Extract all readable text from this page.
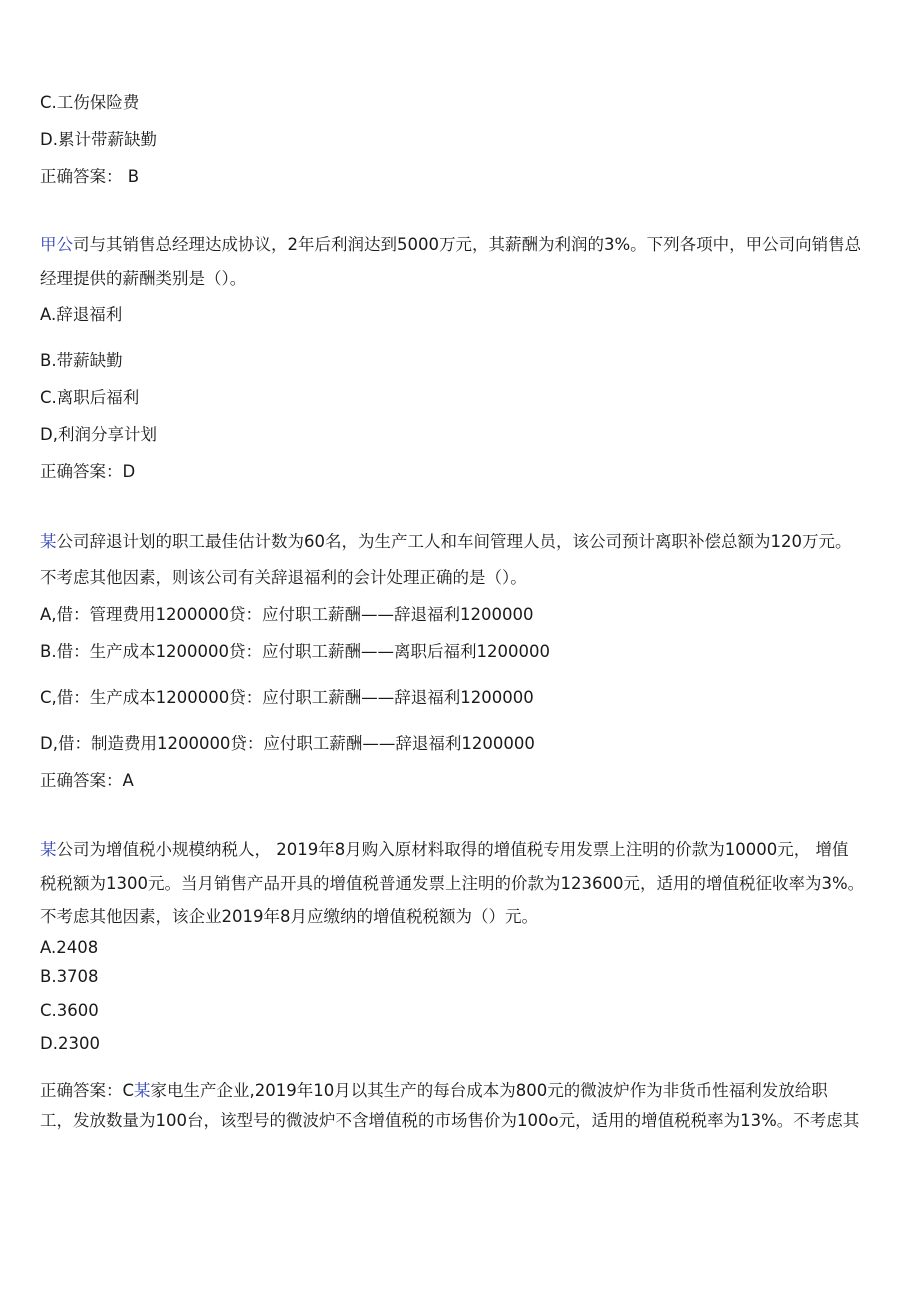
C.工伤保险费
D.累计带薪缺勤
正确答案： B
甲公司与其销售总经理达成协议，2年后利润达到5000万元，其薪酬为利润的3%。下列各项中，甲公司向销售总
经理提供的薪酬类别是（）。
A.辞退福利
B.带薪缺勤
C.离职后福利
D,利润分享计划
正确答案：D
某公司辞退计划的职工最佳估计数为60名，为生产工人和车间管理人员，该公司预计离职补偿总额为120万元。
不考虑其他因素，则该公司有关辞退福利的会计处理正确的是（）。
A,借：管理费用1200000贷：应付职工薪酬——辞退福利1200000
B.借：生产成本1200000贷：应付职工薪酬——离职后福利1200000
C,借：生产成本1200000贷：应付职工薪酬——辞退福利1200000
D,借：制造费用1200000贷：应付职工薪酬——辞退福利1200000
正确答案：A
某公司为增值税小规模纳税人， 2019年8月购入原材料取得的增值税专用发票上注明的价款为10000元， 增值
税税额为1300元。当月销售产品开具的增值税普通发票上注明的价款为123600元，适用的增值税征收率为3%。
不考虑其他因素，该企业2019年8月应缴纳的增值税税额为（）元。
A.2408
B.3708
C.3600
D.2300
正确答案：C某家电生产企业,2019年10月以其生产的每台成本为800元的微波炉作为非货币性福利发放给职
工，发放数量为100台，该型号的微波炉不含增值税的市场售价为100o元，适用的增值税税率为13%。不考虑其
